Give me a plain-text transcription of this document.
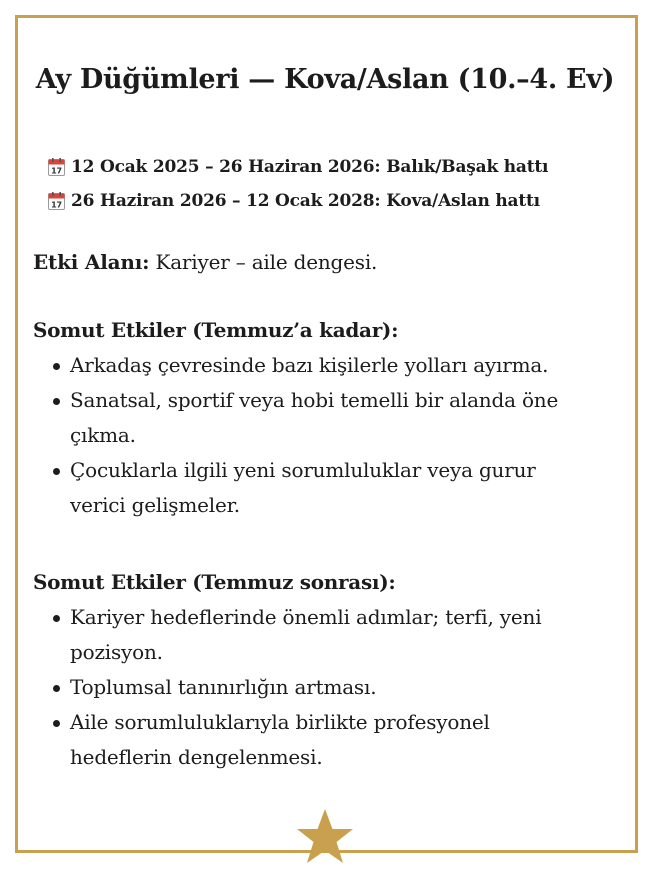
Ay Düğümleri — Kova/Aslan (10.–4. Ev)
17 12 Ocak 2025 – 26 Haziran 2026: Balık/Başak hattı
17 26 Haziran 2026 – 12 Ocak 2028: Kova/Aslan hattı
Etki Alanı: Kariyer – aile dengesi.
Somut Etkiler (Temmuz’a kadar):
Arkadaş çevresinde bazı kişilerle yolları ayırma.
Sanatsal, sportif veya hobi temelli bir alanda öne çıkma.
Çocuklarla ilgili yeni sorumluluklar veya gurur verici gelişmeler.
Somut Etkiler (Temmuz sonrası):
Kariyer hedeflerinde önemli adımlar; terfi, yeni pozisyon.
Toplumsal tanınırlığın artması.
Aile sorumluluklarıyla birlikte profesyonel hedeflerin dengelenmesi.
